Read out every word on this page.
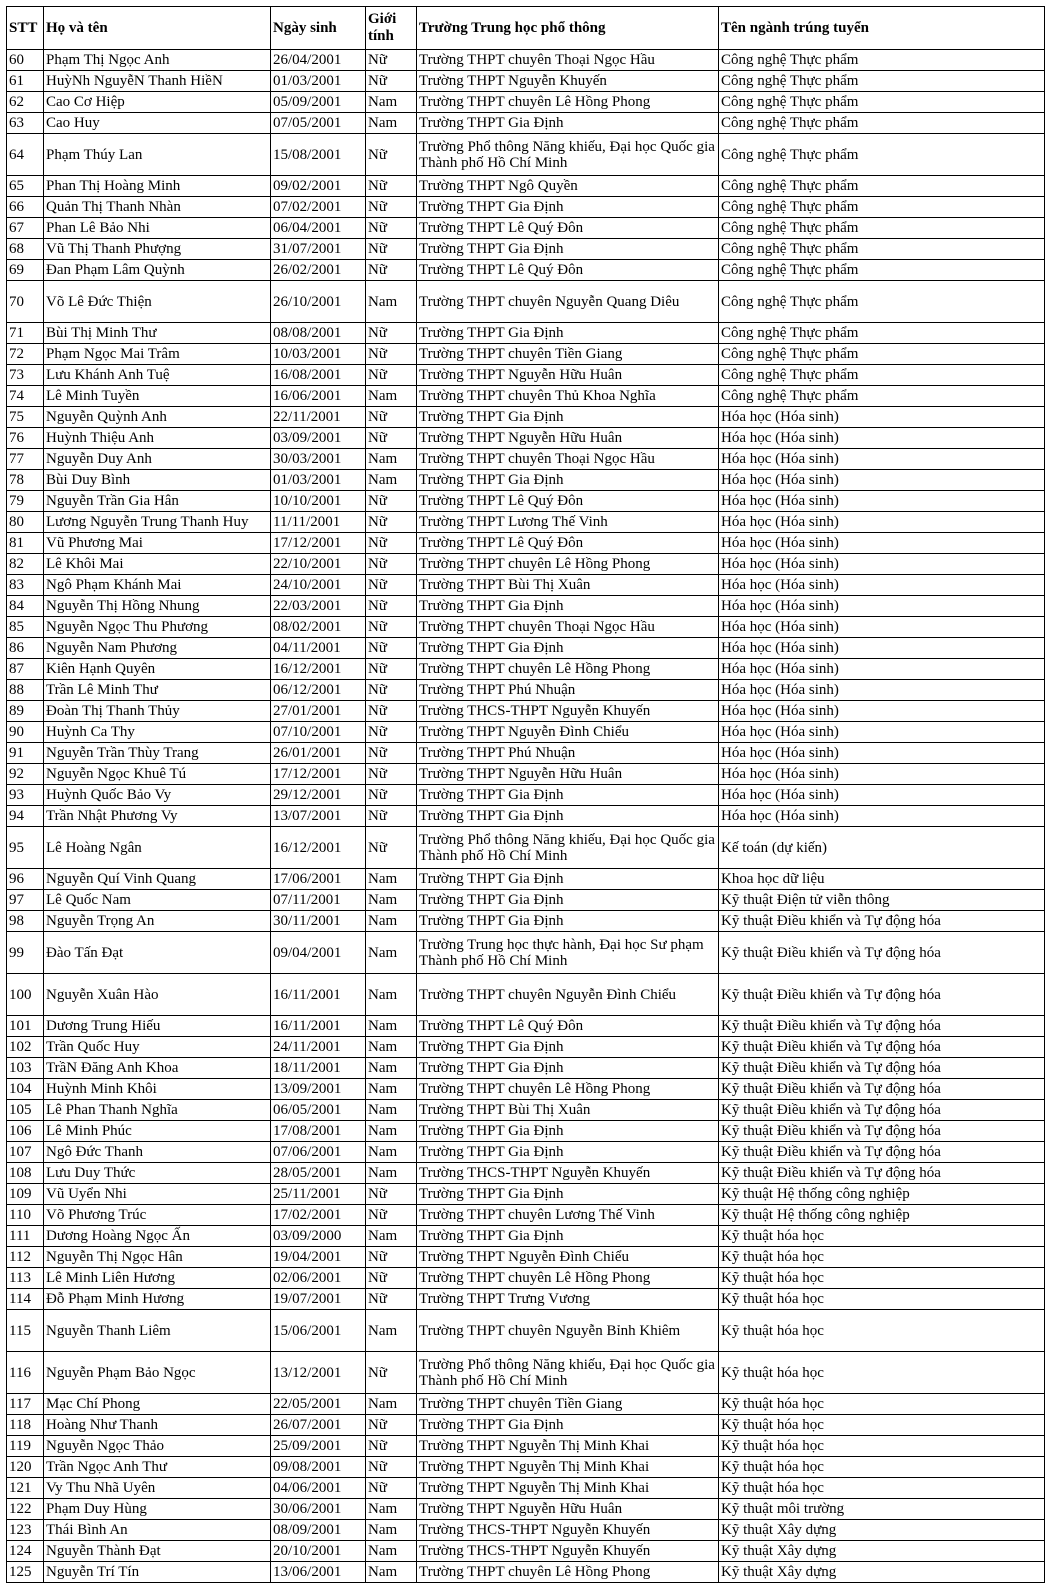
STT	Họ và tên	Ngày sinh	Giới tính	Trường Trung học phổ thông	Tên ngành trúng tuyển
60	Phạm Thị Ngọc Anh	26/04/2001	Nữ	Trường THPT chuyên Thoại Ngọc Hầu	Công nghệ Thực phẩm
61	HuỳNh NguyễN Thanh HiềN	01/03/2001	Nữ	Trường THPT Nguyễn Khuyến	Công nghệ Thực phẩm
62	Cao Cơ Hiệp	05/09/2001	Nam	Trường THPT chuyên Lê Hồng Phong	Công nghệ Thực phẩm
63	Cao Huy	07/05/2001	Nam	Trường THPT Gia Định	Công nghệ Thực phẩm
64	Phạm Thúy Lan	15/08/2001	Nữ	Trường Phổ thông Năng khiếu, Đại học Quốc gia Thành phố Hồ Chí Minh	Công nghệ Thực phẩm
65	Phan Thị Hoàng Minh	09/02/2001	Nữ	Trường THPT Ngô Quyền	Công nghệ Thực phẩm
66	Quản Thị Thanh Nhàn	07/02/2001	Nữ	Trường THPT Gia Định	Công nghệ Thực phẩm
67	Phan Lê Bảo Nhi	06/04/2001	Nữ	Trường THPT Lê Quý Đôn	Công nghệ Thực phẩm
68	Vũ Thị Thanh Phượng	31/07/2001	Nữ	Trường THPT Gia Định	Công nghệ Thực phẩm
69	Đan Phạm Lâm Quỳnh	26/02/2001	Nữ	Trường THPT Lê Quý Đôn	Công nghệ Thực phẩm
70	Võ Lê Đức Thiện	26/10/2001	Nam	Trường THPT chuyên Nguyễn Quang Diêu	Công nghệ Thực phẩm
71	Bùi Thị Minh Thư	08/08/2001	Nữ	Trường THPT Gia Định	Công nghệ Thực phẩm
72	Phạm Ngọc Mai Trâm	10/03/2001	Nữ	Trường THPT chuyên Tiền Giang	Công nghệ Thực phẩm
73	Lưu Khánh Anh Tuệ	16/08/2001	Nữ	Trường THPT Nguyễn Hữu Huân	Công nghệ Thực phẩm
74	Lê Minh Tuyền	16/06/2001	Nam	Trường THPT chuyên Thủ Khoa Nghĩa	Công nghệ Thực phẩm
75	Nguyễn Quỳnh Anh	22/11/2001	Nữ	Trường THPT Gia Định	Hóa học (Hóa sinh)
76	Huỳnh Thiệu Anh	03/09/2001	Nữ	Trường THPT Nguyễn Hữu Huân	Hóa học (Hóa sinh)
77	Nguyễn Duy Anh	30/03/2001	Nam	Trường THPT chuyên Thoại Ngọc Hầu	Hóa học (Hóa sinh)
78	Bùi Duy Bình	01/03/2001	Nam	Trường THPT Gia Định	Hóa học (Hóa sinh)
79	Nguyễn Trần Gia Hân	10/10/2001	Nữ	Trường THPT Lê Quý Đôn	Hóa học (Hóa sinh)
80	Lương Nguyễn Trung Thanh Huy	11/11/2001	Nữ	Trường THPT Lương Thế Vinh	Hóa học (Hóa sinh)
81	Vũ Phương Mai	17/12/2001	Nữ	Trường THPT Lê Quý Đôn	Hóa học (Hóa sinh)
82	Lê Khôi Mai	22/10/2001	Nữ	Trường THPT chuyên Lê Hồng Phong	Hóa học (Hóa sinh)
83	Ngô Phạm Khánh Mai	24/10/2001	Nữ	Trường THPT Bùi Thị Xuân	Hóa học (Hóa sinh)
84	Nguyễn Thị Hồng Nhung	22/03/2001	Nữ	Trường THPT Gia Định	Hóa học (Hóa sinh)
85	Nguyễn Ngọc Thu Phương	08/02/2001	Nữ	Trường THPT chuyên Thoại Ngọc Hầu	Hóa học (Hóa sinh)
86	Nguyễn Nam Phương	04/11/2001	Nữ	Trường THPT Gia Định	Hóa học (Hóa sinh)
87	Kiên Hạnh Quyên	16/12/2001	Nữ	Trường THPT chuyên Lê Hồng Phong	Hóa học (Hóa sinh)
88	Trần Lê Minh Thư	06/12/2001	Nữ	Trường THPT Phú Nhuận	Hóa học (Hóa sinh)
89	Đoàn Thị Thanh Thủy	27/01/2001	Nữ	Trường THCS-THPT Nguyễn Khuyến	Hóa học (Hóa sinh)
90	Huỳnh Ca Thy	07/10/2001	Nữ	Trường THPT Nguyễn Đình Chiểu	Hóa học (Hóa sinh)
91	Nguyễn Trần Thùy Trang	26/01/2001	Nữ	Trường THPT Phú Nhuận	Hóa học (Hóa sinh)
92	Nguyễn Ngọc Khuê Tú	17/12/2001	Nữ	Trường THPT Nguyễn Hữu Huân	Hóa học (Hóa sinh)
93	Huỳnh Quốc Bảo Vy	29/12/2001	Nữ	Trường THPT Gia Định	Hóa học (Hóa sinh)
94	Trần Nhật Phương Vy	13/07/2001	Nữ	Trường THPT Gia Định	Hóa học (Hóa sinh)
95	Lê Hoàng Ngân	16/12/2001	Nữ	Trường Phổ thông Năng khiếu, Đại học Quốc gia Thành phố Hồ Chí Minh	Kế toán (dự kiến)
96	Nguyễn Quí Vinh Quang	17/06/2001	Nam	Trường THPT Gia Định	Khoa học dữ liệu
97	Lê Quốc Nam	07/11/2001	Nam	Trường THPT Gia Định	Kỹ thuật Điện tử viễn thông
98	Nguyễn Trọng An	30/11/2001	Nam	Trường THPT Gia Định	Kỹ thuật Điều khiển và Tự động hóa
99	Đào Tấn Đạt	09/04/2001	Nam	Trường Trung học thực hành, Đại học Sư phạm Thành phố Hồ Chí Minh	Kỹ thuật Điều khiển và Tự động hóa
100	Nguyễn Xuân Hào	16/11/2001	Nam	Trường THPT chuyên Nguyễn Đình Chiểu	Kỹ thuật Điều khiển và Tự động hóa
101	Dương Trung Hiếu	16/11/2001	Nam	Trường THPT Lê Quý Đôn	Kỹ thuật Điều khiển và Tự động hóa
102	Trần Quốc Huy	24/11/2001	Nam	Trường THPT Gia Định	Kỹ thuật Điều khiển và Tự động hóa
103	TrầN Đăng Anh Khoa	18/11/2001	Nam	Trường THPT Gia Định	Kỹ thuật Điều khiển và Tự động hóa
104	Huỳnh Minh Khôi	13/09/2001	Nam	Trường THPT chuyên Lê Hồng Phong	Kỹ thuật Điều khiển và Tự động hóa
105	Lê Phan Thanh Nghĩa	06/05/2001	Nam	Trường THPT Bùi Thị Xuân	Kỹ thuật Điều khiển và Tự động hóa
106	Lê Minh Phúc	17/08/2001	Nam	Trường THPT Gia Định	Kỹ thuật Điều khiển và Tự động hóa
107	Ngô Đức Thanh	07/06/2001	Nam	Trường THPT Gia Định	Kỹ thuật Điều khiển và Tự động hóa
108	Lưu Duy Thức	28/05/2001	Nam	Trường THCS-THPT Nguyễn Khuyến	Kỹ thuật Điều khiển và Tự động hóa
109	Vũ Uyển Nhi	25/11/2001	Nữ	Trường THPT Gia Định	Kỹ thuật Hệ thống công nghiệp
110	Võ Phương Trúc	17/02/2001	Nữ	Trường THPT chuyên Lương Thế Vinh	Kỹ thuật Hệ thống công nghiệp
111	Dương Hoàng Ngọc Ấn	03/09/2000	Nam	Trường THPT Gia Định	Kỹ thuật hóa học
112	Nguyễn Thị Ngọc Hân	19/04/2001	Nữ	Trường THPT Nguyễn Đình Chiểu	Kỹ thuật hóa học
113	Lê Minh Liên Hương	02/06/2001	Nữ	Trường THPT chuyên Lê Hồng Phong	Kỹ thuật hóa học
114	Đỗ Phạm Minh Hương	19/07/2001	Nữ	Trường THPT Trưng Vương	Kỹ thuật hóa học
115	Nguyễn Thanh Liêm	15/06/2001	Nam	Trường THPT chuyên Nguyễn Bỉnh Khiêm	Kỹ thuật hóa học
116	Nguyễn Phạm Bảo Ngọc	13/12/2001	Nữ	Trường Phổ thông Năng khiếu, Đại học Quốc gia Thành phố Hồ Chí Minh	Kỹ thuật hóa học
117	Mạc Chí Phong	22/05/2001	Nam	Trường THPT chuyên Tiền Giang	Kỹ thuật hóa học
118	Hoàng Như Thanh	26/07/2001	Nữ	Trường THPT Gia Định	Kỹ thuật hóa học
119	Nguyễn Ngọc Thảo	25/09/2001	Nữ	Trường THPT Nguyễn Thị Minh Khai	Kỹ thuật hóa học
120	Trần Ngọc Anh Thư	09/08/2001	Nữ	Trường THPT Nguyễn Thị Minh Khai	Kỹ thuật hóa học
121	Vy Thu Nhã Uyên	04/06/2001	Nữ	Trường THPT Nguyễn Thị Minh Khai	Kỹ thuật hóa học
122	Phạm Duy Hùng	30/06/2001	Nam	Trường THPT Nguyễn Hữu Huân	Kỹ thuật môi trường
123	Thái Bình An	08/09/2001	Nam	Trường THCS-THPT Nguyễn Khuyến	Kỹ thuật Xây dựng
124	Nguyễn Thành Đạt	20/10/2001	Nam	Trường THCS-THPT Nguyễn Khuyến	Kỹ thuật Xây dựng
125	Nguyễn Trí Tín	13/06/2001	Nam	Trường THPT chuyên Lê Hồng Phong	Kỹ thuật Xây dựng
